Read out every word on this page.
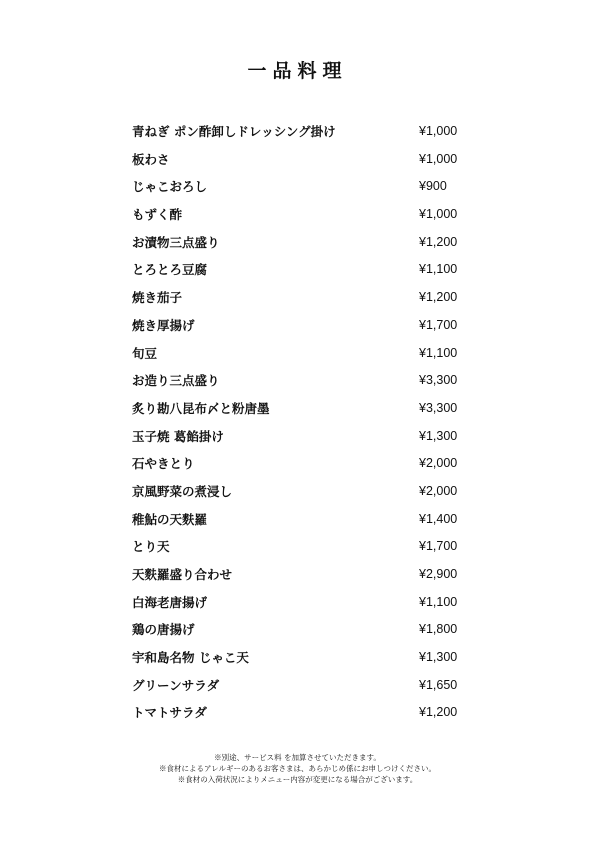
一品料理
青ねぎ ポン酢卸しドレッシング掛け	¥1,000
板わさ	¥1,000
じゃこおろし	¥900
もずく酢	¥1,000
お漬物三点盛り	¥1,200
とろとろ豆腐	¥1,100
焼き茄子	¥1,200
焼き厚揚げ	¥1,700
旬豆	¥1,100
お造り三点盛り	¥3,300
炙り勘八昆布〆と粉唐墨	¥3,300
玉子焼 葛餡掛け	¥1,300
石やきとり	¥2,000
京風野菜の煮浸し	¥2,000
稚鮎の天麩羅	¥1,400
とり天	¥1,700
天麩羅盛り合わせ	¥2,900
白海老唐揚げ	¥1,100
鶏の唐揚げ	¥1,800
宇和島名物 じゃこ天	¥1,300
グリーンサラダ	¥1,650
トマトサラダ	¥1,200
※別途、サービス料 を加算させていただきます。
※食材によるアレルギーのあるお客さまは、あらかじめ係にお申しつけください。
※食材の入荷状況によりメニュー内容が変更になる場合がございます。
